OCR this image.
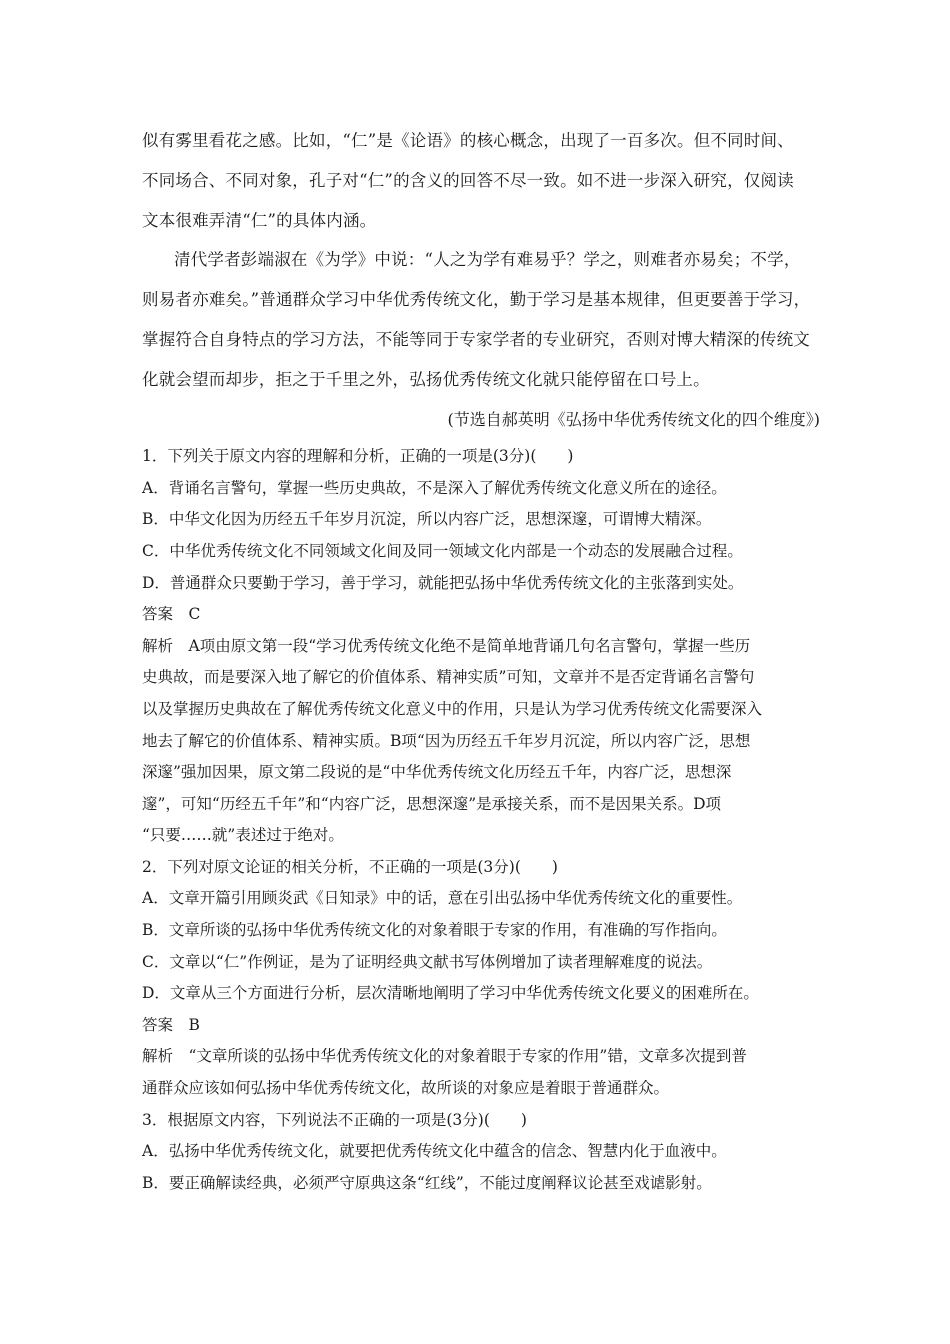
似有雾里看花之感。比如，“仁”是《论语》的核心概念，出现了一百多次。但不同时间、
不同场合、不同对象，孔子对“仁”的含义的回答不尽一致。如不进一步深入研究，仅阅读
文本很难弄清“仁”的具体内涵。
清代学者彭端淑在《为学》中说：“人之为学有难易乎？学之，则难者亦易矣；不学，
则易者亦难矣。”普通群众学习中华优秀传统文化，勤于学习是基本规律，但更要善于学习，
掌握符合自身特点的学习方法，不能等同于专家学者的专业研究，否则对博大精深的传统文
化就会望而却步，拒之于千里之外，弘扬优秀传统文化就只能停留在口号上。
(节选自郝英明《弘扬中华优秀传统文化的四个维度》)
1．下列关于原文内容的理解和分析，正确的一项是(3分)(　　)
A．背诵名言警句，掌握一些历史典故，不是深入了解优秀传统文化意义所在的途径。
B．中华文化因为历经五千年岁月沉淀，所以内容广泛，思想深邃，可谓博大精深。
C．中华优秀传统文化不同领域文化间及同一领域文化内部是一个动态的发展融合过程。
D．普通群众只要勤于学习，善于学习，就能把弘扬中华优秀传统文化的主张落到实处。
答案　C
解析　A项由原文第一段“学习优秀传统文化绝不是简单地背诵几句名言警句，掌握一些历
史典故，而是要深入地了解它的价值体系、精神实质”可知，文章并不是否定背诵名言警句
以及掌握历史典故在了解优秀传统文化意义中的作用，只是认为学习优秀传统文化需要深入
地去了解它的价值体系、精神实质。B项“因为历经五千年岁月沉淀，所以内容广泛，思想
深邃”强加因果，原文第二段说的是“中华优秀传统文化历经五千年，内容广泛，思想深
邃”，可知“历经五千年”和“内容广泛，思想深邃”是承接关系，而不是因果关系。D项
“只要……就”表述过于绝对。
2．下列对原文论证的相关分析，不正确的一项是(3分)(　　)
A．文章开篇引用顾炎武《日知录》中的话，意在引出弘扬中华优秀传统文化的重要性。
B．文章所谈的弘扬中华优秀传统文化的对象着眼于专家的作用，有准确的写作指向。
C．文章以“仁”作例证，是为了证明经典文献书写体例增加了读者理解难度的说法。
D．文章从三个方面进行分析，层次清晰地阐明了学习中华优秀传统文化要义的困难所在。
答案　B
解析　“文章所谈的弘扬中华优秀传统文化的对象着眼于专家的作用”错，文章多次提到普
通群众应该如何弘扬中华优秀传统文化，故所谈的对象应是着眼于普通群众。
3．根据原文内容，下列说法不正确的一项是(3分)(　　)
A．弘扬中华优秀传统文化，就要把优秀传统文化中蕴含的信念、智慧内化于血液中。
B．要正确解读经典，必须严守原典这条“红线”，不能过度阐释议论甚至戏谑影射。
